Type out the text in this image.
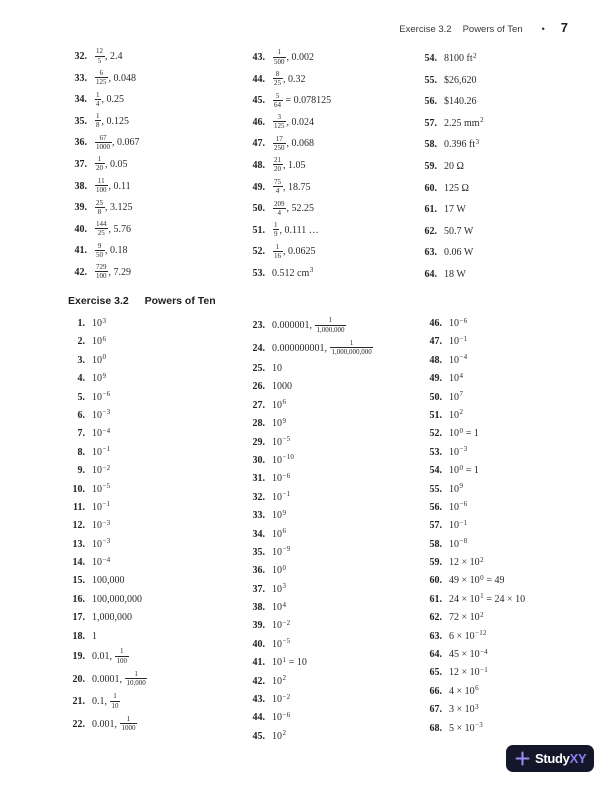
Exercise 3.2 Powers of Ten • 7
32. $\frac{12}{5}$ , 2.4
33. $\frac{6}{125}$ , 0.048
34. $\frac{1}{4}$ , 0.25
35. $\frac{1}{8}$ , 0.125
36. $\frac{67}{1000}$ , 0.067
37. $\frac{1}{20}$ , 0.05
38. $\frac{11}{100}$ , 0.11
39. $\frac{25}{8}$ , 3.125
40. $\frac{144}{25}$ , 5.76
41. $\frac{9}{50}$ , 0.18
42. $\frac{729}{100}$ , 7.29
43. $\frac{1}{500}$ , 0.002
44. $\frac{8}{25}$ , 0.32
45. $\frac{5}{64} = 0.078125$
46. $\frac{3}{125}$ , 0.024
47. $\frac{17}{250}$ , 0.068
48. $\frac{21}{20}$ , 1.05
49. $\frac{75}{4}$ , 18.75
50. $\frac{209}{4}$ , 52.25
51. $\frac{1}{9}$ , 0.111 …
52. $\frac{1}{16}$ , 0.0625
53. 0.512 $cm^3$
54. 8100 $ft^2$
55. $26,620
56. $140.26
57. 2.25 $mm^2$
58. 0.396 $ft^3$
59. 20 Ω
60. 125 Ω
61. 17 W
62. 50.7 W
63. 0.06 W
64. 18 W
Exercise 3.2 Powers of Ten
1. $10^3$
2. $10^6$
3. $10^0$
4. $10^9$
5. $10^{-6}$
6. $10^{-3}$
7. $10^{-4}$
8. $10^{-1}$
9. $10^{-2}$
10. $10^{-5}$
11. $10^{-1}$
12. $10^{-3}$
13. $10^{-3}$
14. $10^{-4}$
15. 100,000
16. 100,000,000
17. 1,000,000
18. 1
19. 0.01, $\frac{1}{100}$
20. 0.0001, $\frac{1}{10,000}$
21. 0.1, $\frac{1}{10}$
22. 0.001, $\frac{1}{1000}$
23. 0.000001, $\frac{1}{1,000,000}$
24. 0.000000001, $\frac{1}{1,000,000,000}$
25. 10
26. 1000
27. $10^6$
28. $10^9$
29. $10^{-5}$
30. $10^{-10}$
31. $10^{-6}$
32. $10^{-1}$
33. $10^9$
34. $10^6$
35. $10^{-9}$
36. $10^0$
37. $10^3$
38. $10^4$
39. $10^{-2}$
40. $10^{-5}$
41. $10^1 = 10$
42. $10^2$
43. $10^{-2}$
44. $10^{-6}$
45. $10^2$
46. $10^{-6}$
47. $10^{-1}$
48. $10^{-4}$
49. $10^4$
50. $10^7$
51. $10^2$
52. $10^0 = 1$
53. $10^{-3}$
54. $10^0 = 1$
55. $10^9$
56. $10^{-6}$
57. $10^{-1}$
58. $10^{-8}$
59. $12 \times 10^2$
60. $49 \times 10^0 = 49$
61. $24 \times 10^1 = 24 \times 10$
62. $72 \times 10^2$
63. $6 \times 10^{-12}$
64. $45 \times 10^{-4}$
65. $12 \times 10^{-1}$
66. $4 \times 10^6$
67. $3 \times 10^3$
68. $5 \times 10^{-3}$
Study XY
